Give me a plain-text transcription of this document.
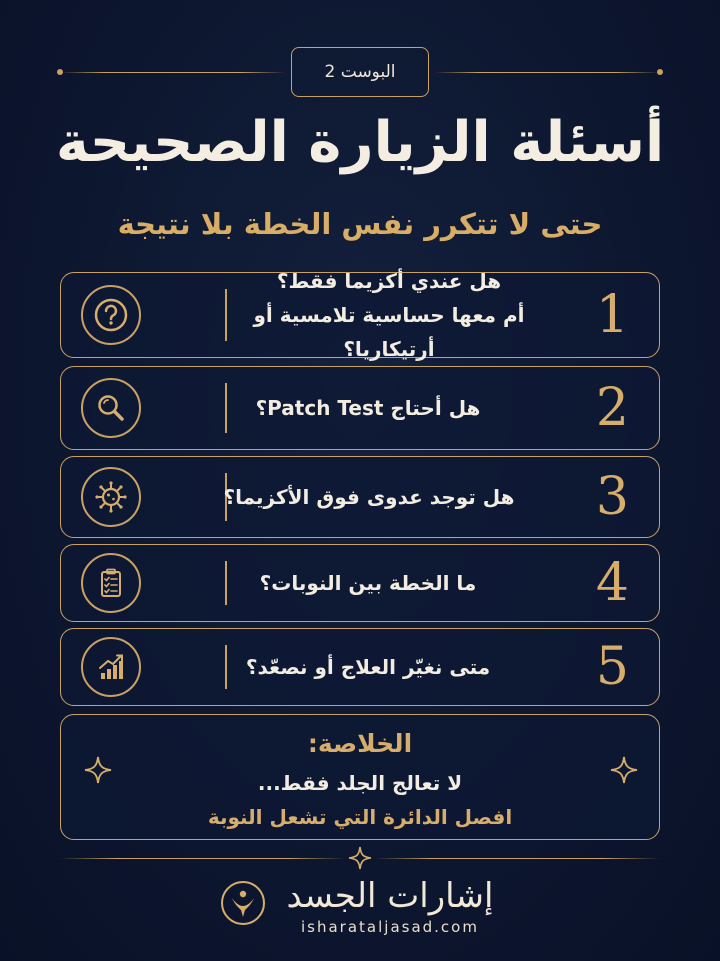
البوست 2
أسئلة الزيارة الصحيحة
حتى لا تتكرر نفس الخطة بلا نتيجة
هل عندي أكزيما فقط؟
أم معها حساسية تلامسية أو أرتيكاريا؟
1
هل أحتاج Patch Test؟	2
هل توجد عدوى فوق الأكزيما؟ 3
ما الخطة بين النوبات؟	4
متى نغيّر العلاج أو نصعّد؟ 5
الخلاصة:
لا تعالج الجلد فقط...
افصل الدائرة التي تشعل النوبة
إشارات الجسد
isharataljasad.com
